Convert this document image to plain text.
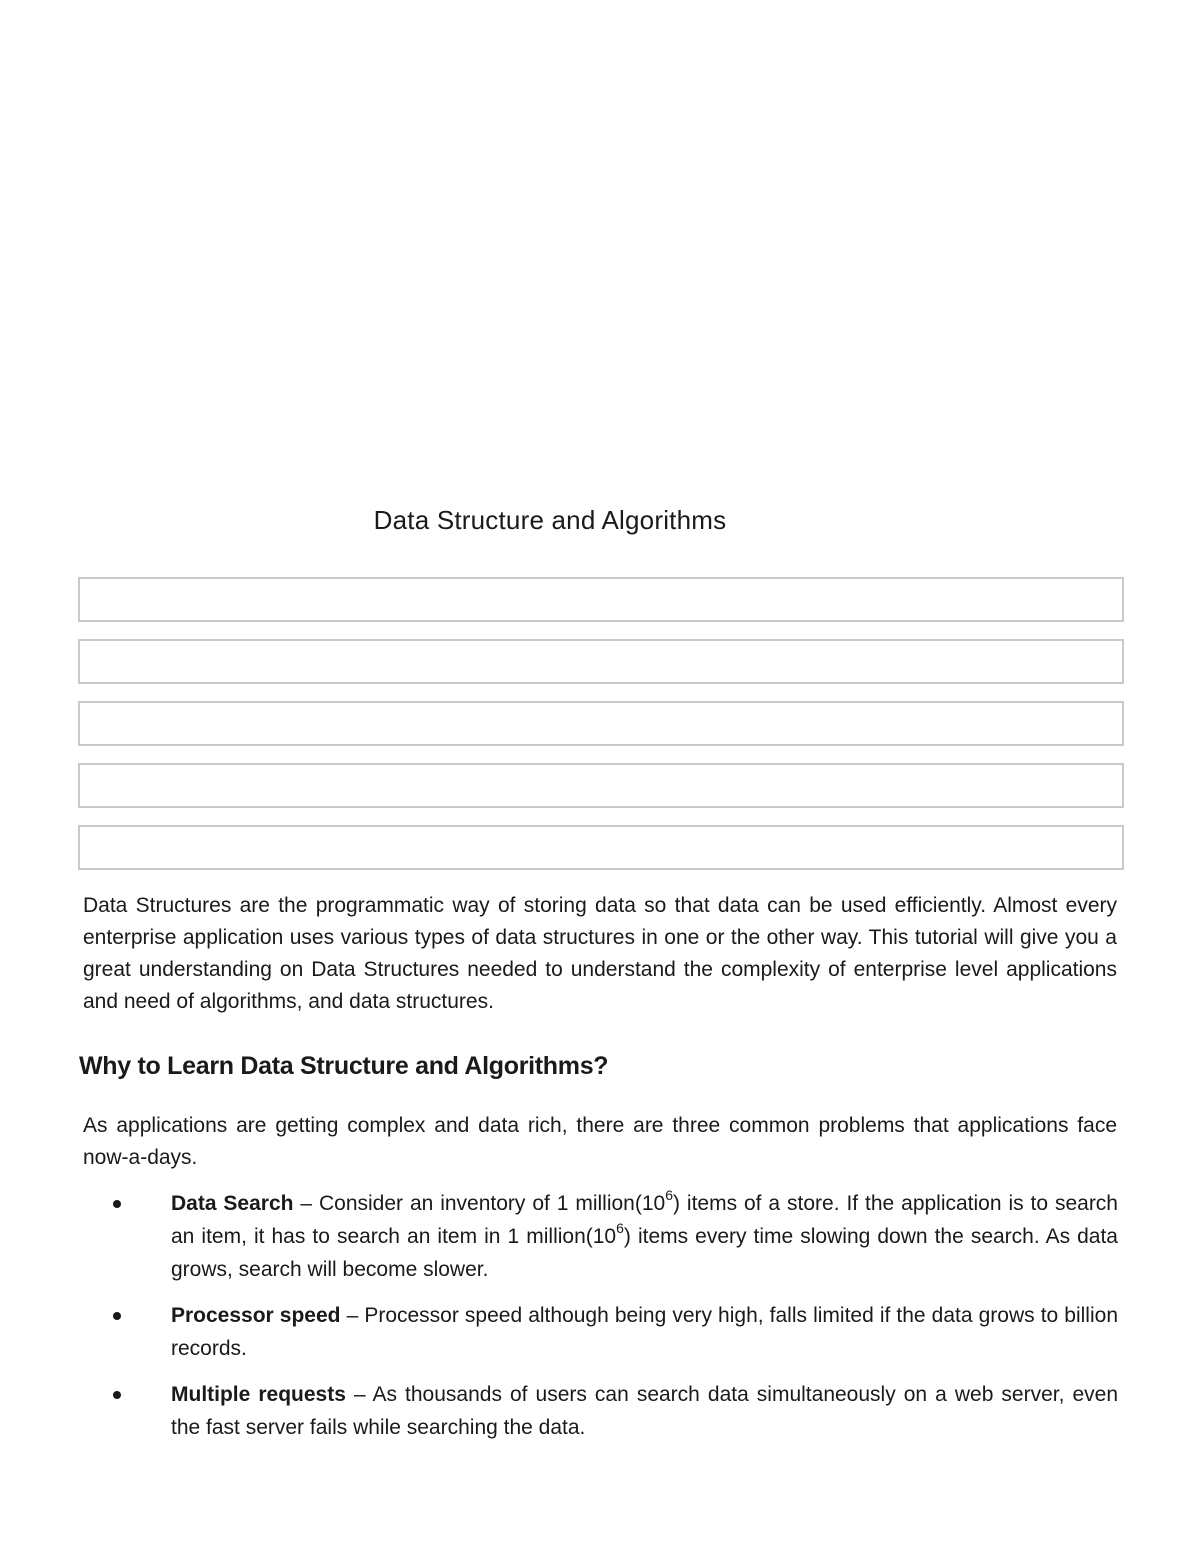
Data Structure and Algorithms

Data Structures are the programmatic way of storing data so that data can be used efficiently. Almost every enterprise application uses various types of data structures in one or the other way. This tutorial will give you a great understanding on Data Structures needed to understand the complexity of enterprise level applications and need of algorithms, and data structures.

Why to Learn Data Structure and Algorithms?

As applications are getting complex and data rich, there are three common problems that applications face now-a-days.

Data Search – Consider an inventory of 1 $million(10^6)$ items of a store. If the application is to search an item, it has to search an item in 1 $million(10^6)$ items every time slowing down the search. As data grows, search will become slower.
Processor speed – Processor speed although being very high, falls limited if the data grows to billion records.
Multiple requests – As thousands of users can search data simultaneously on a web server, even the fast server fails while searching the data.
